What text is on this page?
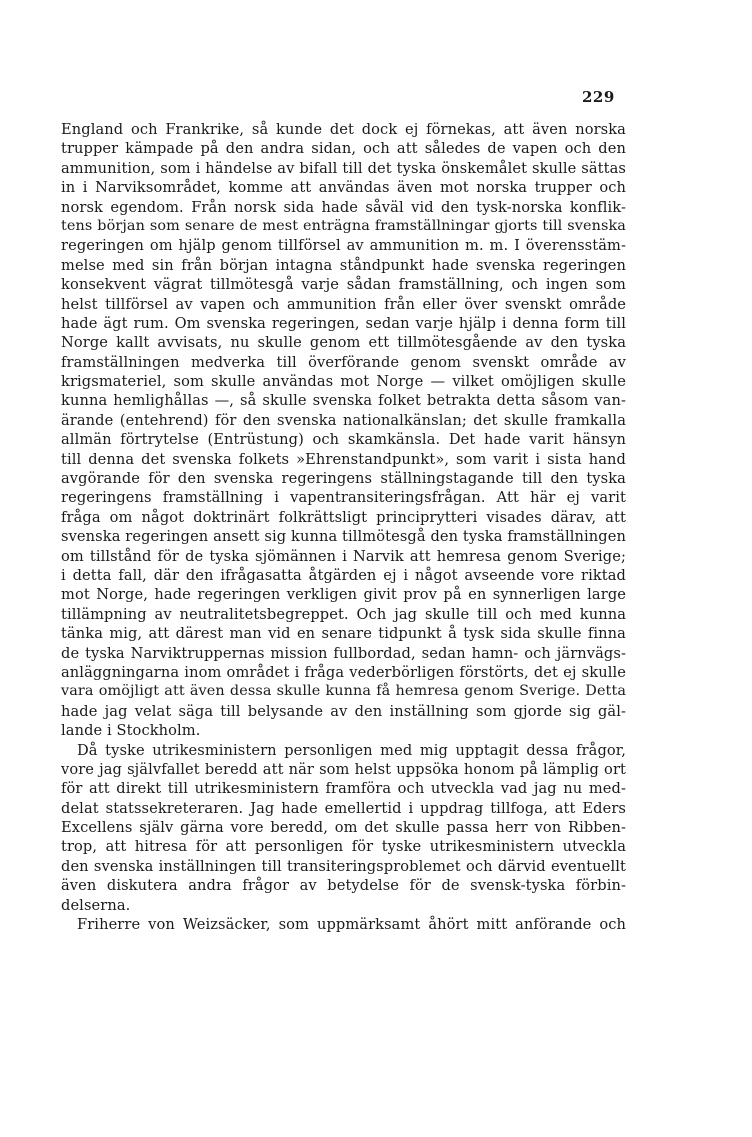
229
England och Frankrike, så kunde det dock ej förnekas, att även norska
trupper kämpade på den andra sidan, och att således de vapen och den
ammunition, som i händelse av bifall till det tyska önskemålet skulle sättas
in i Narviksområdet, komme att användas även mot norska trupper och
norsk egendom. Från norsk sida hade såväl vid den tysk-norska konflik-
tens början som senare de mest enträgna framställningar gjorts till svenska
regeringen om hjälp genom tillförsel av ammunition m. m. I överensstäm-
melse med sin från början intagna ståndpunkt hade svenska regeringen
konsekvent vägrat tillmötesgå varje sådan framställning, och ingen som
helst tillförsel av vapen och ammunition från eller över svenskt område
hade ägt rum. Om svenska regeringen, sedan varje hjälp i denna form till
Norge kallt avvisats, nu skulle genom ett tillmötesgående av den tyska
framställningen medverka till överförande genom svenskt område av
krigsmateriel, som skulle användas mot Norge — vilket omöjligen skulle
kunna hemlighållas —, så skulle svenska folket betrakta detta såsom van-
ärande (entehrend) för den svenska nationalkänslan; det skulle framkalla
allmän förtrytelse (Entrüstung) och skamkänsla. Det hade varit hänsyn
till denna det svenska folkets »Ehrenstandpunkt», som varit i sista hand
avgörande för den svenska regeringens ställningstagande till den tyska
regeringens framställning i vapentransiteringsfrågan. Att här ej varit
fråga om något doktrinärt folkrättsligt principrytteri visades därav, att
svenska regeringen ansett sig kunna tillmötesgå den tyska framställningen
om tillstånd för de tyska sjömännen i Narvik att hemresa genom Sverige;
i detta fall, där den ifrågasatta åtgärden ej i något avseende vore riktad
mot Norge, hade regeringen verkligen givit prov på en synnerligen large
tillämpning av neutralitetsbegreppet. Och jag skulle till och med kunna
tänka mig, att därest man vid en senare tidpunkt å tysk sida skulle finna
de tyska Narviktruppernas mission fullbordad, sedan hamn- och järnvägs-
anläggningarna inom området i fråga vederbörligen förstörts, det ej skulle
vara omöjligt att även dessa skulle kunna få hemresa genom Sverige. Detta
hade jag velat säga till belysande av den inställning som gjorde sig gäl-
lande i Stockholm.
Då tyske utrikesministern personligen med mig upptagit dessa frågor,
vore jag självfallet beredd att när som helst uppsöka honom på lämplig ort
för att direkt till utrikesministern framföra och utveckla vad jag nu med-
delat statssekreteraren. Jag hade emellertid i uppdrag tillfoga, att Eders
Excellens själv gärna vore beredd, om det skulle passa herr von Ribben-
trop, att hitresa för att personligen för tyske utrikesministern utveckla
den svenska inställningen till transiteringsproblemet och därvid eventuellt
även diskutera andra frågor av betydelse för de svensk-tyska förbin-
delserna.
Friherre von Weizsäcker, som uppmärksamt åhört mitt anförande och
